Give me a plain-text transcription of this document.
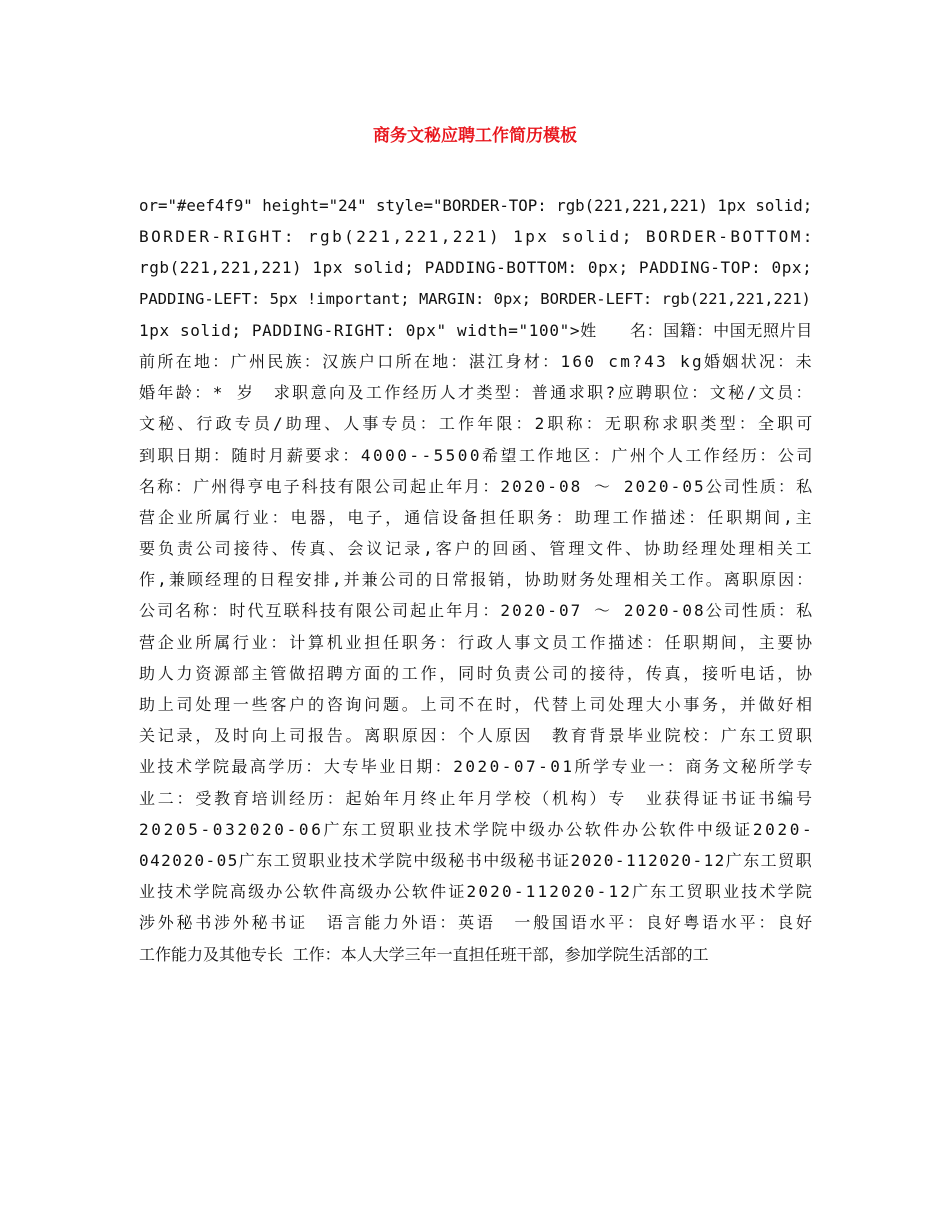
商务文秘应聘工作简历模板
or="#eef4f9" height="24" style="BORDER-TOP: rgb(221,221,221) 1px solid;
BORDER-RIGHT: rgb(221,221,221) 1px solid; BORDER-BOTTOM:
rgb(221,221,221) 1px solid; PADDING-BOTTOM: 0px; PADDING-TOP: 0px;
PADDING-LEFT: 5px !important; MARGIN: 0px; BORDER-LEFT: rgb(221,221,221)
1px solid; PADDING-RIGHT: 0px" width="100">姓　　名：国籍：中国无照片目
前所在地：广州民族：汉族户口所在地：湛江身材：160 cm?43 kg婚姻状况：未
婚年龄：* 岁　求职意向及工作经历人才类型：普通求职?应聘职位：文秘/文员：
文秘、行政专员/助理、人事专员：工作年限：2职称：无职称求职类型：全职可
到职日期：随时月薪要求：4000--5500希望工作地区：广州个人工作经历：公司
名称：广州得亨电子科技有限公司起止年月：2020-08 ～ 2020-05公司性质：私
营企业所属行业：电器，电子，通信设备担任职务：助理工作描述：任职期间,主
要负责公司接待、传真、会议记录,客户的回函、管理文件、协助经理处理相关工
作,兼顾经理的日程安排,并兼公司的日常报销，协助财务处理相关工作。离职原因：
公司名称：时代互联科技有限公司起止年月：2020-07 ～ 2020-08公司性质：私
营企业所属行业：计算机业担任职务：行政人事文员工作描述：任职期间，主要协
助人力资源部主管做招聘方面的工作，同时负责公司的接待，传真，接听电话，协
助上司处理一些客户的咨询问题。上司不在时，代替上司处理大小事务，并做好相
关记录，及时向上司报告。离职原因：个人原因　教育背景毕业院校：广东工贸职
业技术学院最高学历：大专毕业日期：2020-07-01所学专业一：商务文秘所学专
业二：受教育培训经历：起始年月终止年月学校（机构）专　业获得证书证书编号
20205-032020-06广东工贸职业技术学院中级办公软件办公软件中级证2020-
042020-05广东工贸职业技术学院中级秘书中级秘书证2020-112020-12广东工贸职
业技术学院高级办公软件高级办公软件证2020-112020-12广东工贸职业技术学院
涉外秘书涉外秘书证　语言能力外语：英语　一般国语水平：良好粤语水平：良好
工作能力及其他专长 工作：本人大学三年一直担任班干部，参加学院生活部的工
